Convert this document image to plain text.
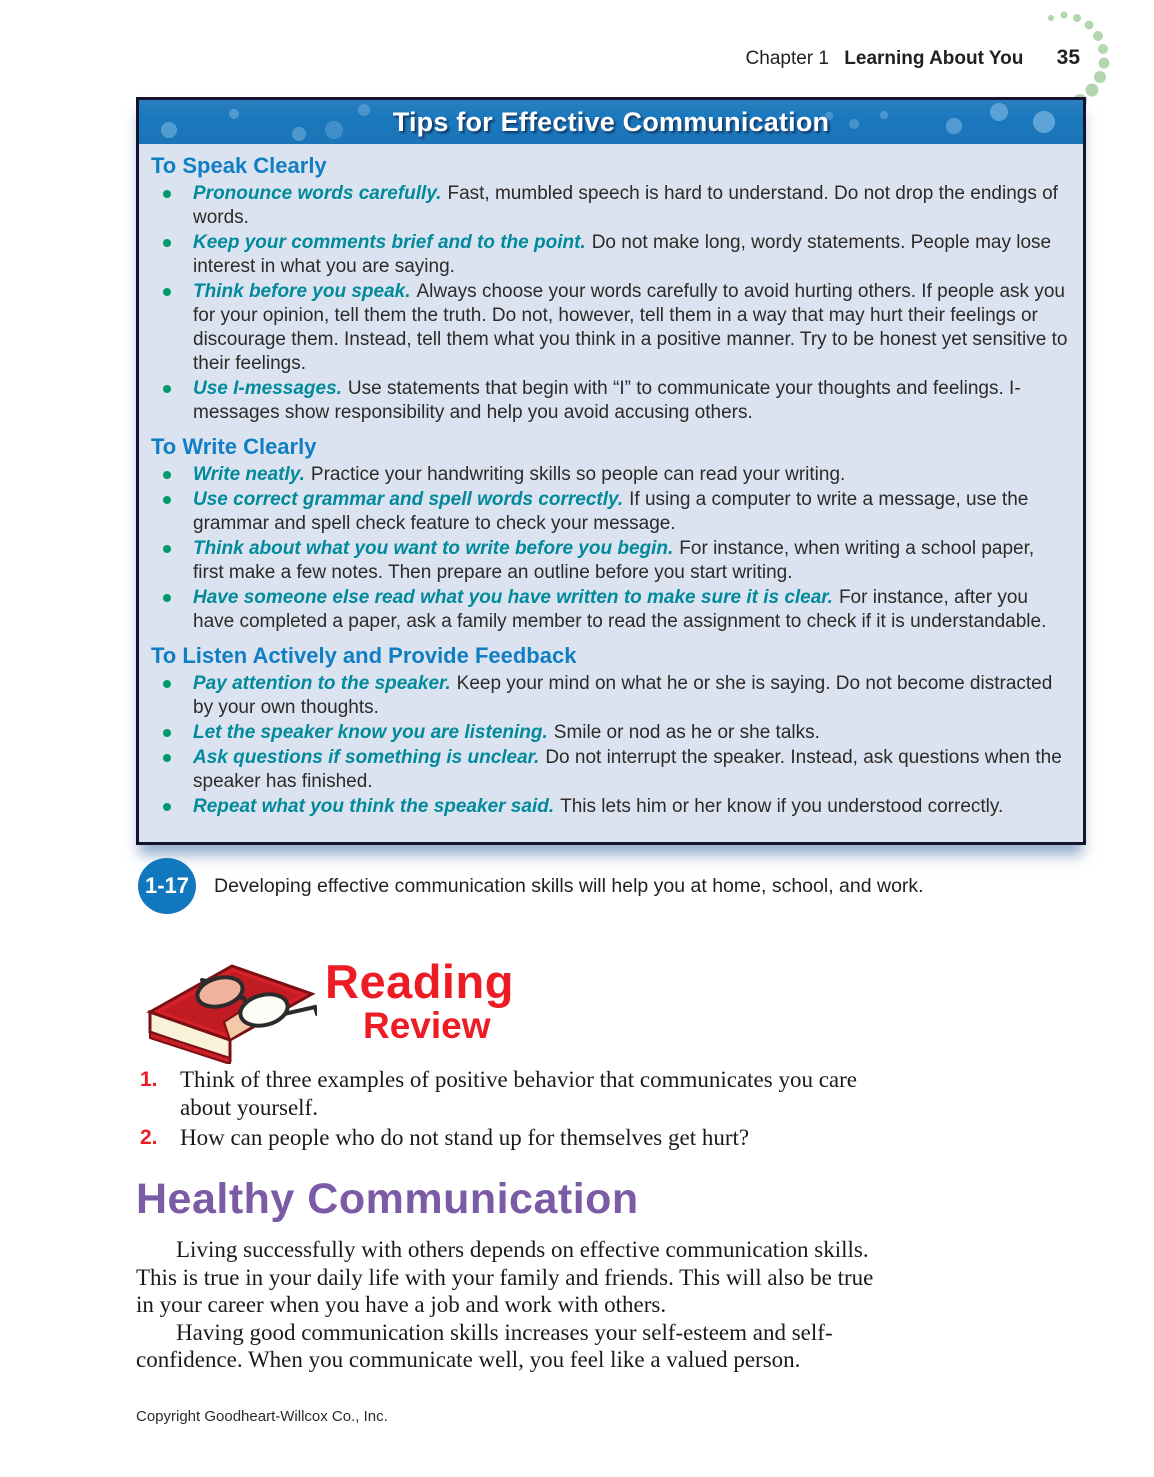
Chapter 1 Learning About You 35
Tips for Effective Communication
To Speak Clearly
Pronounce words carefully. Fast, mumbled speech is hard to understand. Do not drop the endings of words.
Keep your comments brief and to the point. Do not make long, wordy statements. People may lose interest in what you are saying.
Think before you speak. Always choose your words carefully to avoid hurting others. If people ask you for your opinion, tell them the truth. Do not, however, tell them in a way that may hurt their feelings or discourage them. Instead, tell them what you think in a positive manner. Try to be honest yet sensitive to their feelings.
Use I-messages. Use statements that begin with “I” to communicate your thoughts and feelings. I-messages show responsibility and help you avoid accusing others.
To Write Clearly
Write neatly. Practice your handwriting skills so people can read your writing.
Use correct grammar and spell words correctly. If using a computer to write a message, use the grammar and spell check feature to check your message.
Think about what you want to write before you begin. For instance, when writing a school paper, first make a few notes. Then prepare an outline before you start writing.
Have someone else read what you have written to make sure it is clear. For instance, after you have completed a paper, ask a family member to read the assignment to check if it is understandable.
To Listen Actively and Provide Feedback
Pay attention to the speaker. Keep your mind on what he or she is saying. Do not become distracted by your own thoughts.
Let the speaker know you are listening. Smile or nod as he or she talks.
Ask questions if something is unclear. Do not interrupt the speaker. Instead, ask questions when the speaker has finished.
Repeat what you think the speaker said. This lets him or her know if you understood correctly.
1-17	Developing effective communication skills will help you at home, school, and work.

Reading
Review
1. Think of three examples of positive behavior that communicates you care about yourself.
2. How can people who do not stand up for themselves get hurt?
Healthy Communication

Living successfully with others depends on effective communication skills. This is true in your daily life with your family and friends. This will also be true in your career when you have a job and work with others.

Having good communication skills increases your self-esteem and self-confidence. When you communicate well, you feel like a valued person.

Copyright Goodheart-Willcox Co., Inc.
